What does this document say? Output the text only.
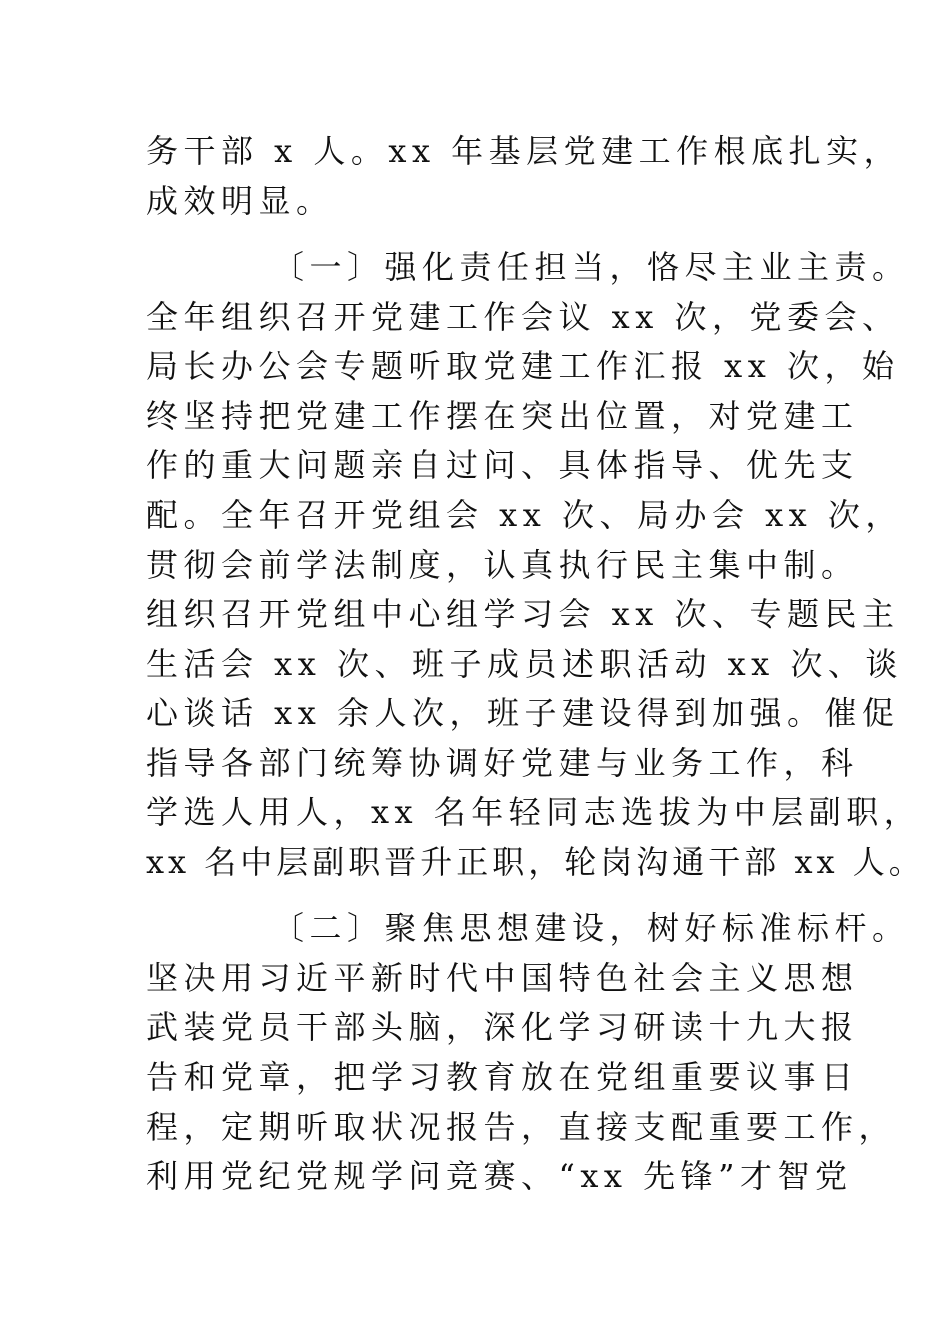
务干部 x 人。xx 年基层党建工作根底扎实，
成效明显。
〔一〕强化责任担当，恪尽主业主责。
全年组织召开党建工作会议 xx 次，党委会、
局长办公会专题听取党建工作汇报 xx 次，始
终坚持把党建工作摆在突出位置，对党建工
作的重大问题亲自过问、具体指导、优先支
配。全年召开党组会 xx 次、局办会 xx 次，
贯彻会前学法制度，认真执行民主集中制。
组织召开党组中心组学习会 xx 次、专题民主
生活会 xx 次、班子成员述职活动 xx 次、谈
心谈话 xx 余人次，班子建设得到加强。催促
指导各部门统筹协调好党建与业务工作，科
学选人用人，xx 名年轻同志选拔为中层副职，
xx 名中层副职晋升正职，轮岗沟通干部 xx 人。
〔二〕聚焦思想建设，树好标准标杆。
坚决用习近平新时代中国特色社会主义思想
武装党员干部头脑，深化学习研读十九大报
告和党章，把学习教育放在党组重要议事日
程，定期听取状况报告，直接支配重要工作，
利用党纪党规学问竞赛、“xx 先锋”才智党
